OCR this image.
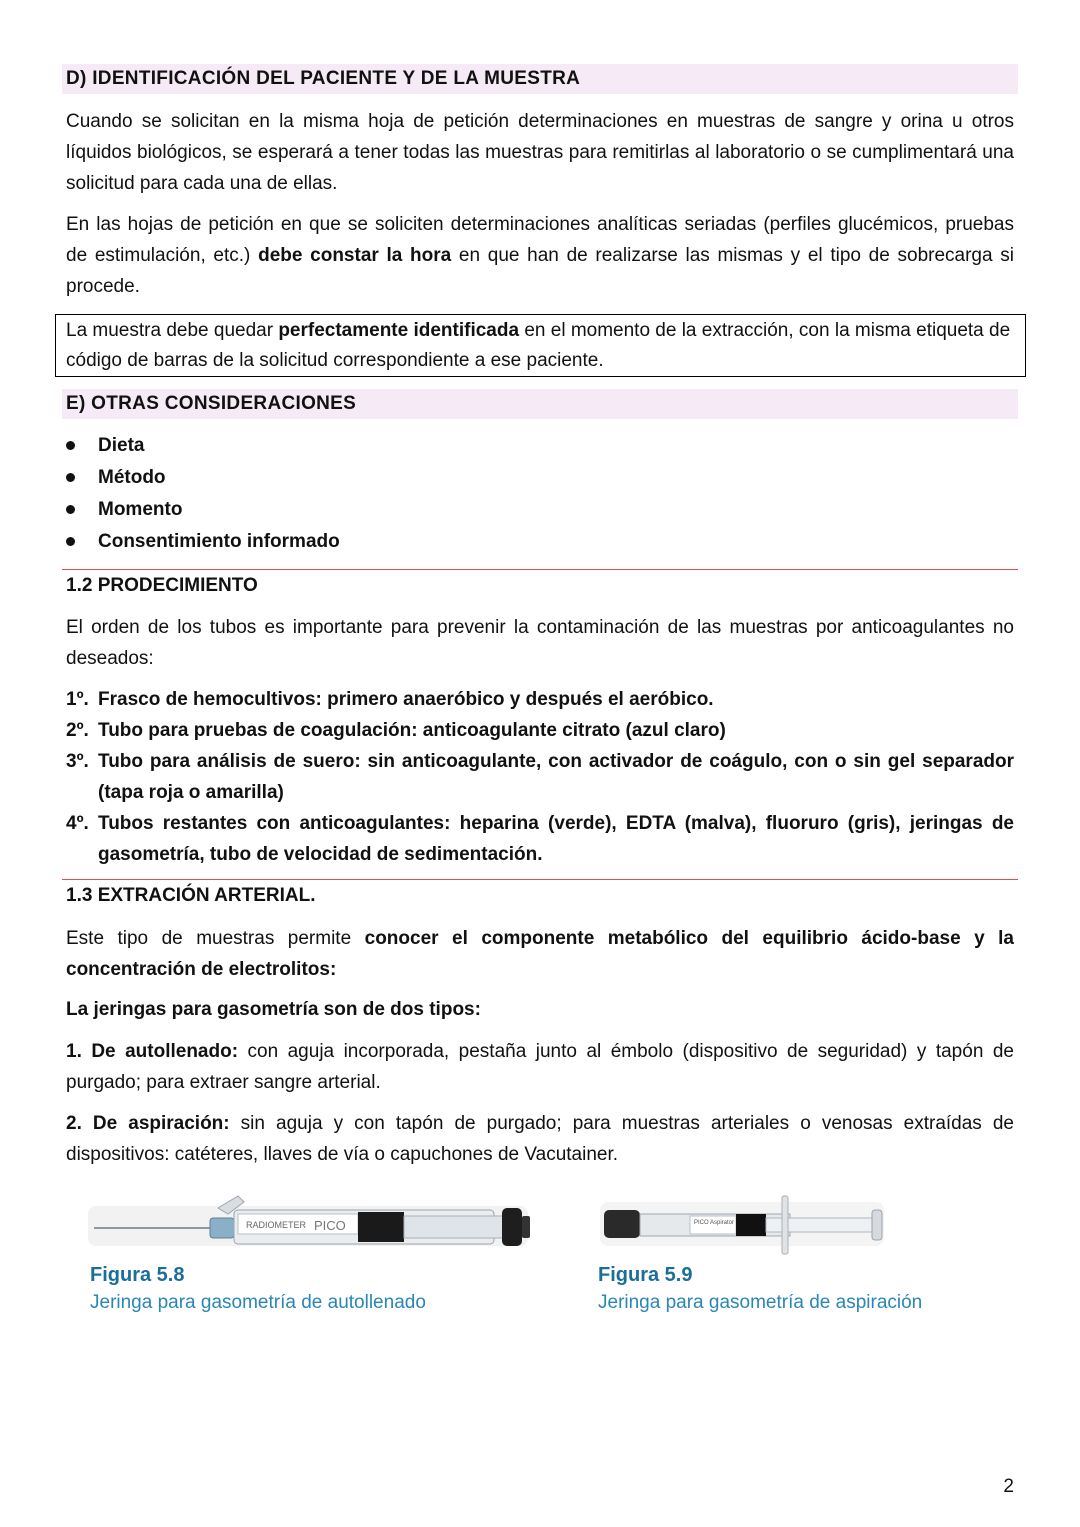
D) IDENTIFICACIÓN DEL PACIENTE Y DE LA MUESTRA
Cuando se solicitan en la misma hoja de petición determinaciones en muestras de sangre y orina u otros líquidos biológicos, se esperará a tener todas las muestras para remitirlas al laboratorio o se cumplimentará una solicitud para cada una de ellas.
En las hojas de petición en que se soliciten determinaciones analíticas seriadas (perfiles glucémicos, pruebas de estimulación, etc.) debe constar la hora en que han de realizarse las mismas y el tipo de sobrecarga si procede.
La muestra debe quedar perfectamente identificada en el momento de la extracción, con la misma etiqueta de código de barras de la solicitud correspondiente a ese paciente.
E) OTRAS CONSIDERACIONES
Dieta
Método
Momento
Consentimiento informado
1.2 PRODECIMIENTO
El orden de los tubos es importante para prevenir la contaminación de las muestras por anticoagulantes no deseados:
1º. Frasco de hemocultivos: primero anaeróbico y después el aeróbico.
2º. Tubo para pruebas de coagulación: anticoagulante citrato (azul claro)
3º. Tubo para análisis de suero: sin anticoagulante, con activador de coágulo, con o sin gel separador (tapa roja o amarilla)
4º. Tubos restantes con anticoagulantes: heparina (verde), EDTA (malva), fluoruro (gris), jeringas de gasometría, tubo de velocidad de sedimentación.
1.3 EXTRACIÓN ARTERIAL.
Este tipo de muestras permite conocer el componente metabólico del equilibrio ácido-base y la concentración de electrolitos:
La jeringas para gasometría son de dos tipos:
1. De autollenado: con aguja incorporada, pestaña junto al émbolo (dispositivo de seguridad) y tapón de purgado; para extraer sangre arterial.
2. De aspiración: sin aguja y con tapón de purgado; para muestras arteriales o venosas extraídas de dispositivos: catéteres, llaves de vía o capuchones de Vacutainer.
RADIOMETER PICO
Figura 5.8
Jeringa para gasometría de autollenado
PICO Aspirator
Figura 5.9
Jeringa para gasometría de aspiración
2
